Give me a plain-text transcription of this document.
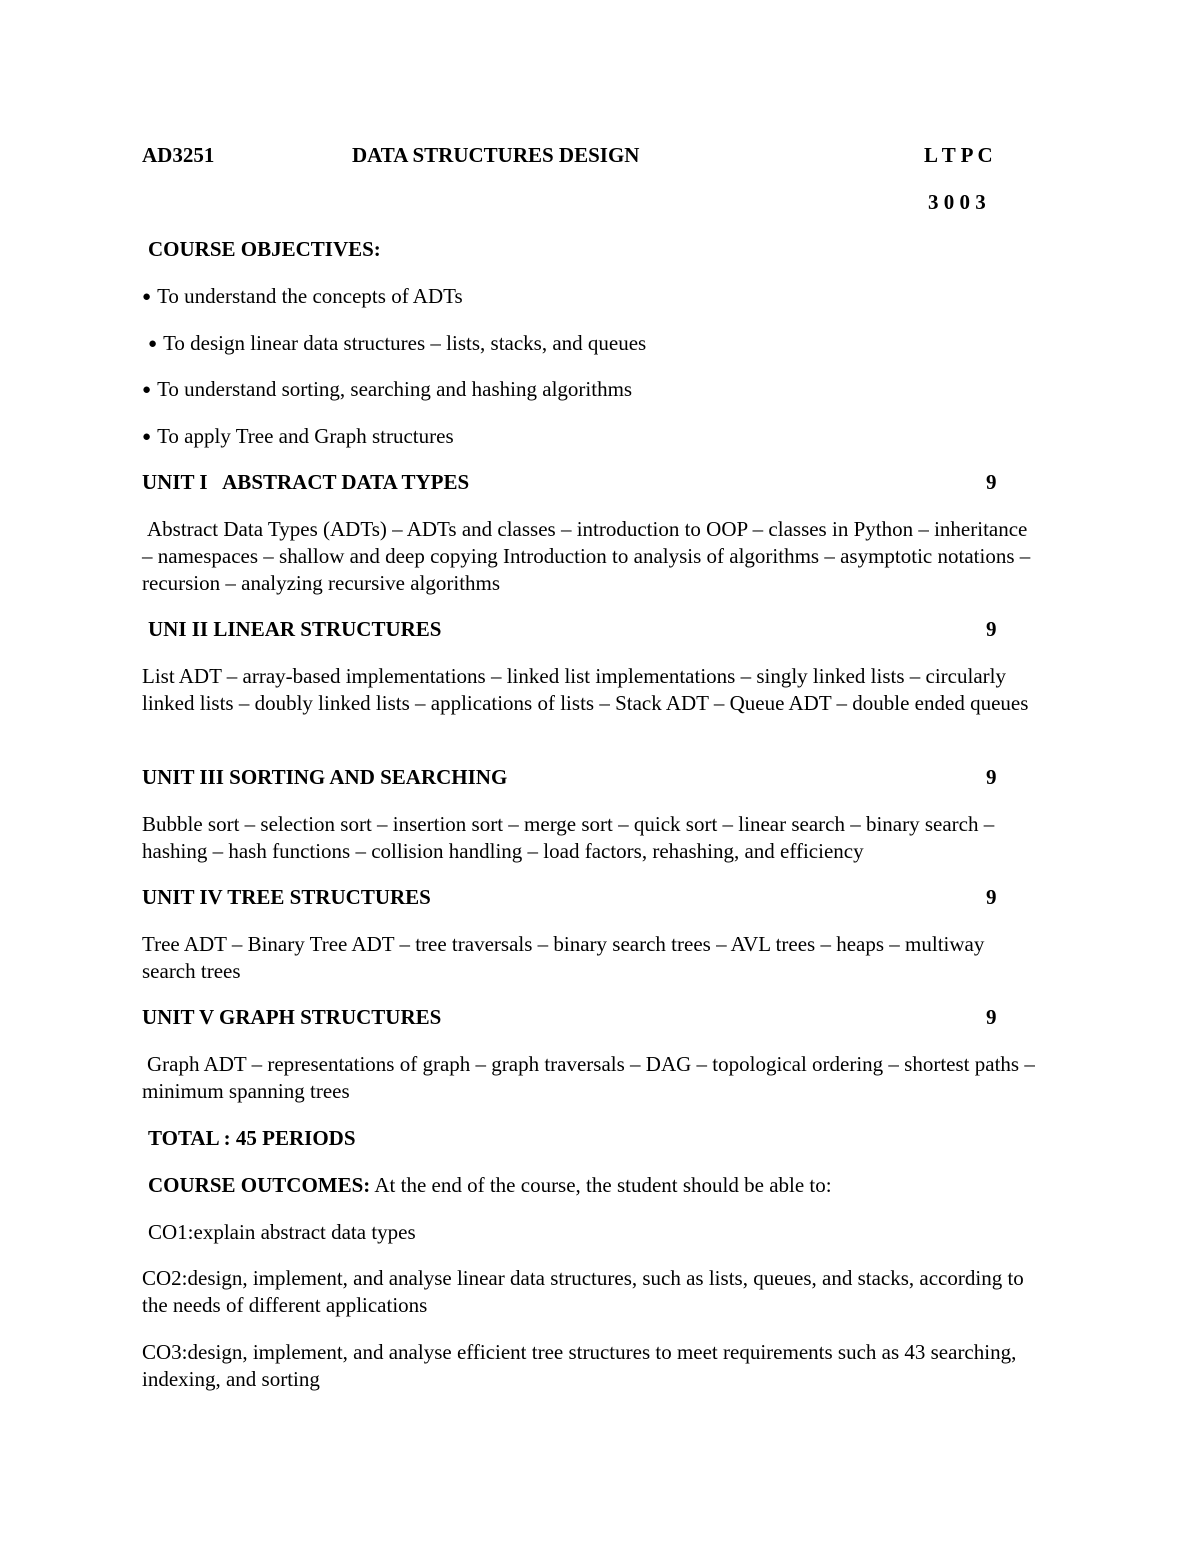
AD3251	DATA STRUCTURES DESIGN	L T P C
3 0 0 3
COURSE OBJECTIVES:
● To understand the concepts of ADTs
● To design linear data structures – lists, stacks, and queues
● To understand sorting, searching and hashing algorithms
● To apply Tree and Graph structures
UNIT I   ABSTRACT DATA TYPES	9
Abstract Data Types (ADTs) – ADTs and classes – introduction to OOP – classes in Python – inheritance – namespaces – shallow and deep copying Introduction to analysis of algorithms – asymptotic notations – recursion – analyzing recursive algorithms
UNI II LINEAR STRUCTURES	9
List ADT – array-based implementations – linked list implementations – singly linked lists – circularly linked lists – doubly linked lists – applications of lists – Stack ADT – Queue ADT – double ended queues
UNIT III SORTING AND SEARCHING	9
Bubble sort – selection sort – insertion sort – merge sort – quick sort – linear search – binary search – hashing – hash functions – collision handling – load factors, rehashing, and efficiency
UNIT IV TREE STRUCTURES	9
Tree ADT – Binary Tree ADT – tree traversals – binary search trees – AVL trees – heaps – multiway search trees
UNIT V GRAPH STRUCTURES	9
Graph ADT – representations of graph – graph traversals – DAG – topological ordering – shortest paths – minimum spanning trees
TOTAL : 45 PERIODS
COURSE OUTCOMES: At the end of the course, the student should be able to:
CO1:explain abstract data types
CO2:design, implement, and analyse linear data structures, such as lists, queues, and stacks, according to the needs of different applications
CO3:design, implement, and analyse efficient tree structures to meet requirements such as 43 searching, indexing, and sorting
